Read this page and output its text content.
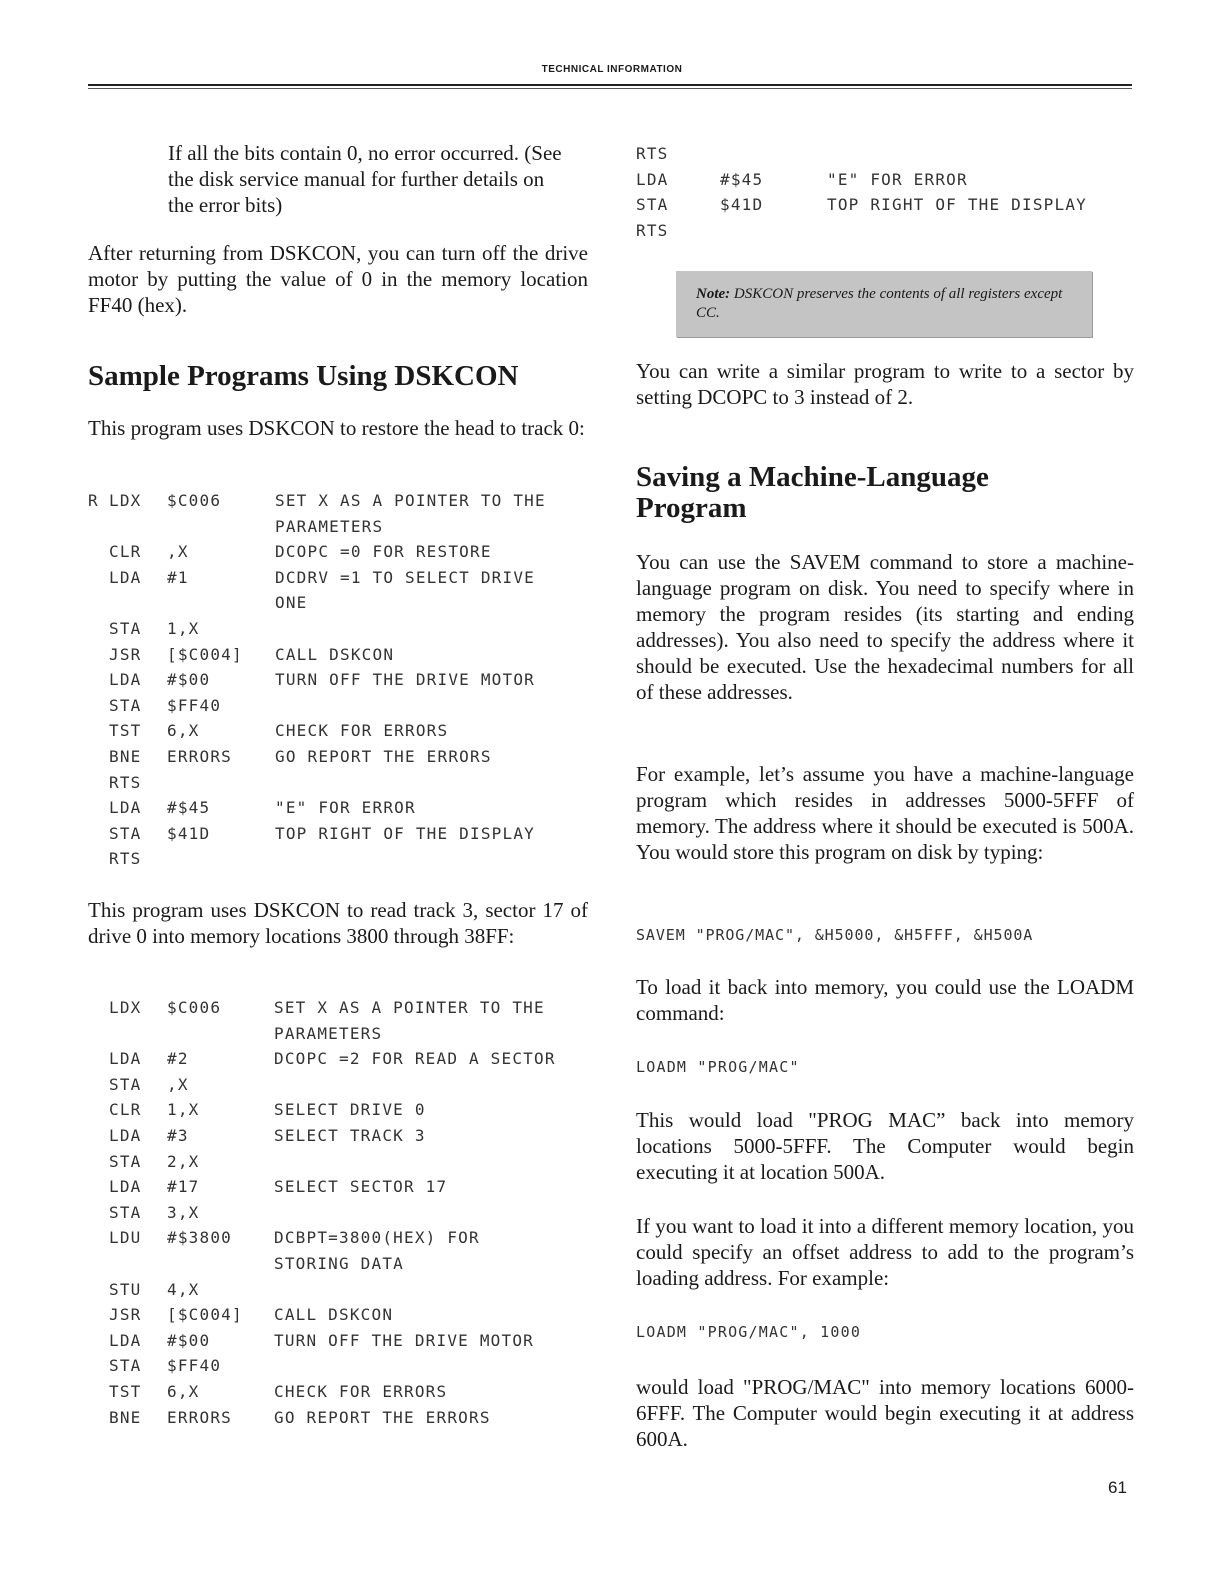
TECHNICAL INFORMATION

If all the bits contain 0, no error occurred. (See the disk service manual for further details on the error bits)

After returning from DSKCON, you can turn off the drive motor by putting the value of 0 in the memory location FF40 (hex).

Sample Programs Using DSKCON

This program uses DSKCON to restore the head to track 0:

R LDX $C006	SET X AS A POINTER TO THE
PARAMETERS
CLR ,X	DCOPC =0 FOR RESTORE
LDA #1	DCDRV =1 TO SELECT DRIVE
ONE
STA 1,X
JSR [$C004] CALL DSKCON
LDA #$00	TURN OFF THE DRIVE MOTOR
STA $FF40
TST 6,X	CHECK FOR ERRORS
BNE ERRORS	GO REPORT THE ERRORS
RTS
LDA #$45	"E" FOR ERROR
STA $41D	TOP RIGHT OF THE DISPLAY
RTS

This program uses DSKCON to read track 3, sector 17 of drive 0 into memory locations 3800 through 38FF:

LDX $C006	SET X AS A POINTER TO THE
PARAMETERS
LDA #2	DCOPC =2 FOR READ A SECTOR
STA ,X
CLR 1,X	SELECT DRIVE 0
LDA #3	SELECT TRACK 3
STA 2,X
LDA #17	SELECT SECTOR 17
STA 3,X
LDU #$3800	DCBPT=3800(HEX) FOR
STORING DATA
STU 4,X
JSR [$C004] CALL DSKCON
LDA #$00	TURN OFF THE DRIVE MOTOR
STA $FF40
TST 6,X	CHECK FOR ERRORS
BNE ERRORS	GO REPORT THE ERRORS
RTS
LDA	#$45	"E" FOR ERROR
STA	$41D	TOP RIGHT OF THE DISPLAY
RTS
Note: DSKCON preserves the contents of all registers except CC.

You can write a similar program to write to a sector by setting DCOPC to 3 instead of 2.

Saving a Machine-Language
Program

You can use the SAVEM command to store a machine-language program on disk. You need to specify where in memory the program resides (its starting and ending addresses). You also need to specify the address where it should be executed. Use the hexadecimal numbers for all of these addresses.

For example, let’s assume you have a machine-language program which resides in addresses 5000-5FFF of memory. The address where it should be executed is 500A. You would store this program on disk by typing:

SAVEM "PROG/MAC", &H5000, &H5FFF, &H500A

To load it back into memory, you could use the LOADM command:

LOADM "PROG/MAC"

This would load "PROG MAC” back into memory locations 5000-5FFF. The Computer would begin executing it at location 500A.

If you want to load it into a different memory location, you could specify an offset address to add to the program’s loading address. For example:

LOADM "PROG/MAC", 1000

would load "PROG/MAC" into memory locations 6000-6FFF. The Computer would begin executing it at address 600A.

61
